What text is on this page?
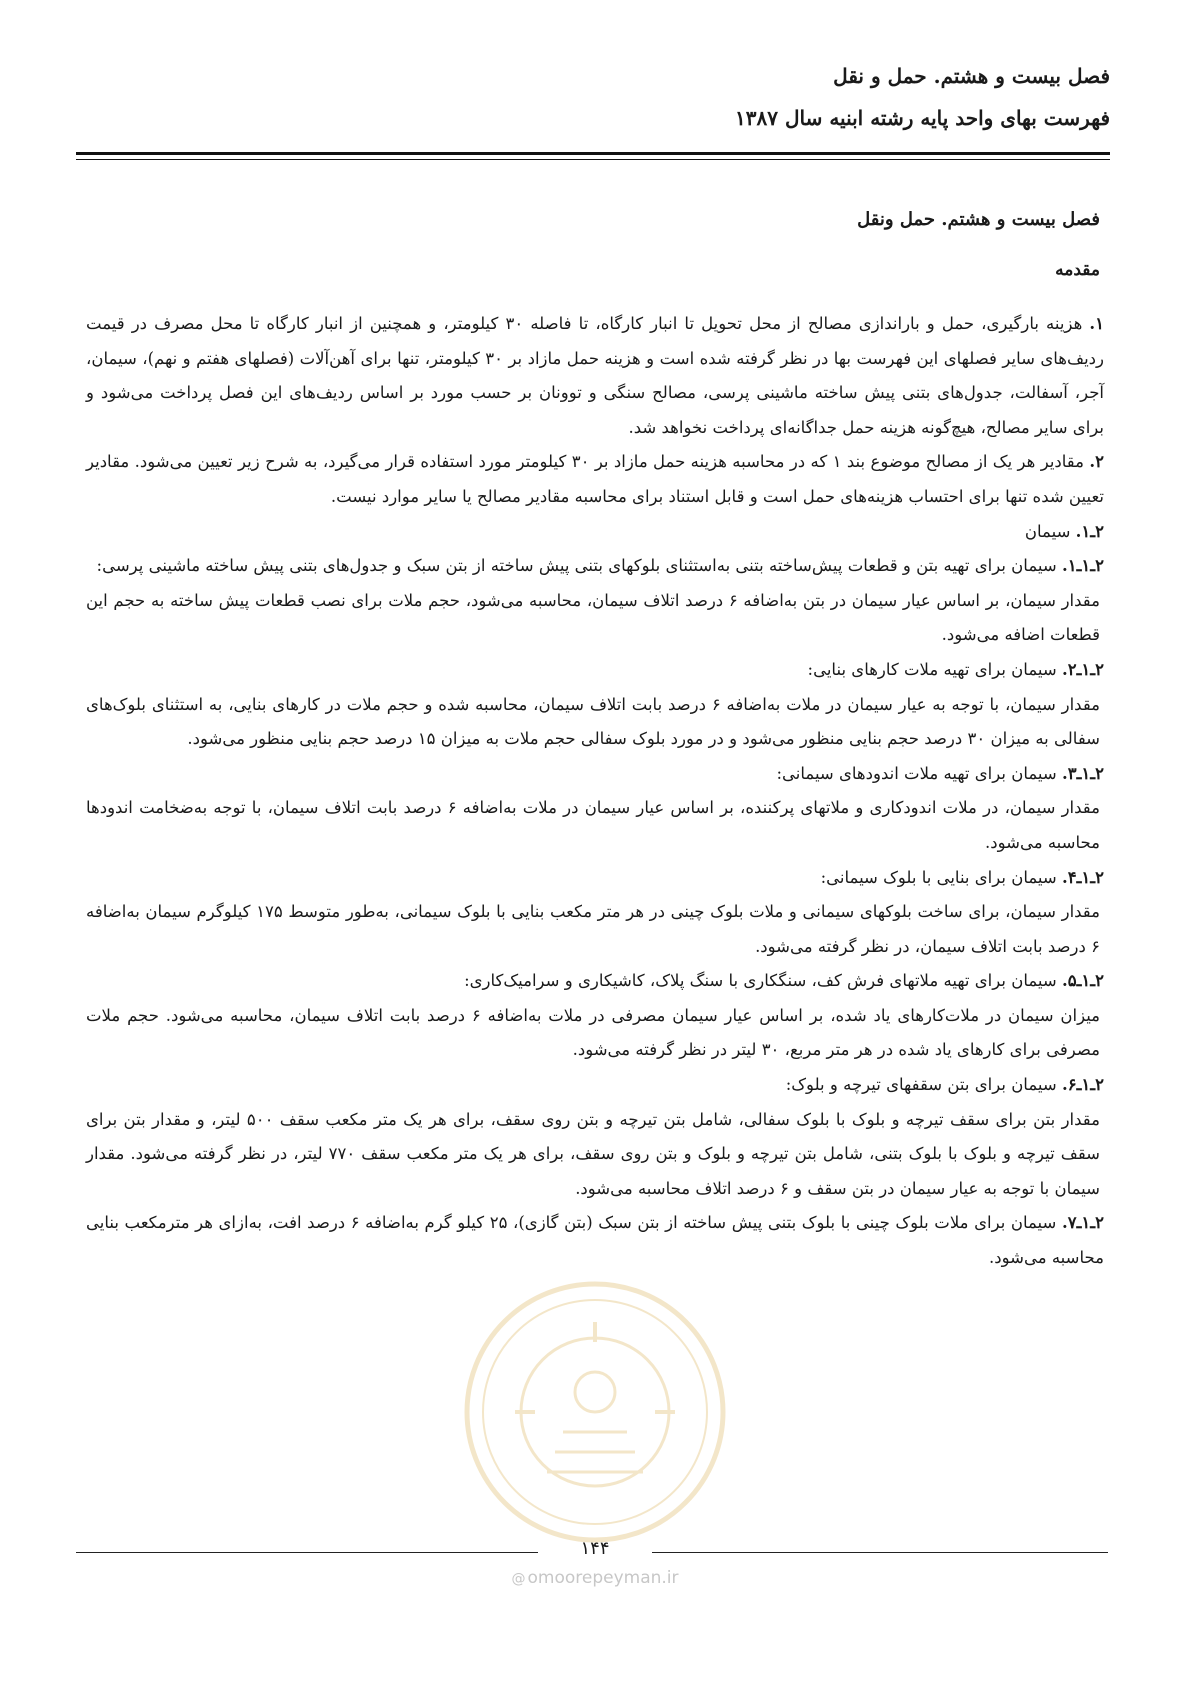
فصل بیست و هشتم. حمل و نقل
فهرست بهای واحد پایه رشته ابنیه سال ۱۳۸۷
فصل بیست و هشتم. حمل ونقل
مقدمه

۱. هزینه بارگیری، حمل و باراندازی مصالح از محل تحویل تا انبار کارگاه، تا فاصله ۳۰ کیلومتر، و همچنین از انبار کارگاه تا محل مصرف در قیمت ردیف‌های سایر فصلهای این فهرست بها در نظر گرفته شده است و هزینه حمل مازاد بر ۳۰ کیلومتر، تنها برای آهن‌آلات (فصلهای هفتم و نهم)، سیمان، آجر، آسفالت، جدول‌های بتنی پیش ساخته ماشینی پرسی، مصالح سنگی و توونان بر حسب مورد بر اساس ردیف‌های این فصل پرداخت می‌شود و برای سایر مصالح، هیچ‌گونه هزینه حمل جداگانه‌ای پرداخت نخواهد شد.

۲. مقادیر هر یک از مصالح موضوع بند ۱ که در محاسبه هزینه حمل مازاد بر ۳۰ کیلومتر مورد استفاده قرار می‌گیرد، به شرح زیر تعیین می‌شود. مقادیر تعیین شده تنها برای احتساب هزینه‌های حمل است و قابل استناد برای محاسبه مقادیر مصالح یا سایر موارد نیست.

۲ـ۱. سیمان

۲ـ۱ـ۱. سیمان برای تهیه بتن و قطعات پیش‌ساخته بتنی به‌استثنای بلوکهای بتنی پیش ساخته از بتن سبک و جدول‌های بتنی پیش ساخته ماشینی پرسی:

مقدار سیمان، بر اساس عیار سیمان در بتن به‌اضافه ۶ درصد اتلاف سیمان، محاسبه می‌شود، حجم ملات برای نصب قطعات پیش ساخته به حجم این قطعات اضافه می‌شود.

۲ـ۱ـ۲. سیمان برای تهیه ملات کارهای بنایی:

مقدار سیمان، با توجه به عیار سیمان در ملات به‌اضافه ۶ درصد بابت اتلاف سیمان، محاسبه شده و حجم ملات در کارهای بنایی، به استثنای بلوک‌های سفالی به میزان ۳۰ درصد حجم بنایی منظور می‌شود و در مورد بلوک سفالی حجم ملات به میزان ۱۵ درصد حجم بنایی منظور می‌شود.

۲ـ۱ـ۳. سیمان برای تهیه ملات اندودهای سیمانی:

مقدار سیمان، در ملات اندودکاری و ملاتهای پرکننده، بر اساس عیار سیمان در ملات به‌اضافه ۶ درصد بابت اتلاف سیمان، با توجه به‌ضخامت اندودها محاسبه می‌شود.

۲ـ۱ـ۴. سیمان برای بنایی با بلوک سیمانی:

مقدار سیمان، برای ساخت بلوکهای سیمانی و ملات بلوک چینی در هر متر مکعب بنایی با بلوک سیمانی، به‌طور متوسط ۱۷۵ کیلوگرم سیمان به‌اضافه ۶ درصد بابت اتلاف سیمان، در نظر گرفته می‌شود.

۲ـ۱ـ۵. سیمان برای تهیه ملاتهای فرش کف، سنگکاری با سنگ پلاک، کاشیکاری و سرامیک‌کاری:

میزان سیمان در ملات‌کارهای یاد شده، بر اساس عیار سیمان مصرفی در ملات به‌اضافه ۶ درصد بابت اتلاف سیمان، محاسبه می‌شود. حجم ملات مصرفی برای کارهای یاد شده در هر متر مربع، ۳۰ لیتر در نظر گرفته می‌شود.

۲ـ۱ـ۶. سیمان برای بتن سقفهای تیرچه و بلوک:

مقدار بتن برای سقف تیرچه و بلوک با بلوک سفالی، شامل بتن تیرچه و بتن روی سقف، برای هر یک متر مکعب سقف ۵۰۰ لیتر، و مقدار بتن برای سقف تیرچه و بلوک با بلوک بتنی، شامل بتن تیرچه و بلوک و بتن روی سقف، برای هر یک متر مکعب سقف ۷۷۰ لیتر، در نظر گرفته می‌شود. مقدار سیمان با توجه به عیار سیمان در بتن سقف و ۶ درصد اتلاف محاسبه می‌شود.

۲ـ۱ـ۷. سیمان برای ملات بلوک چینی با بلوک بتنی پیش ساخته از بتن سبک (بتن گازی)، ۲۵ کیلو گرم به‌اضافه ۶ درصد افت، به‌ازای هر مترمکعب بنایی محاسبه می‌شود.

۱۴۴
@ omoorepeyman.ir
